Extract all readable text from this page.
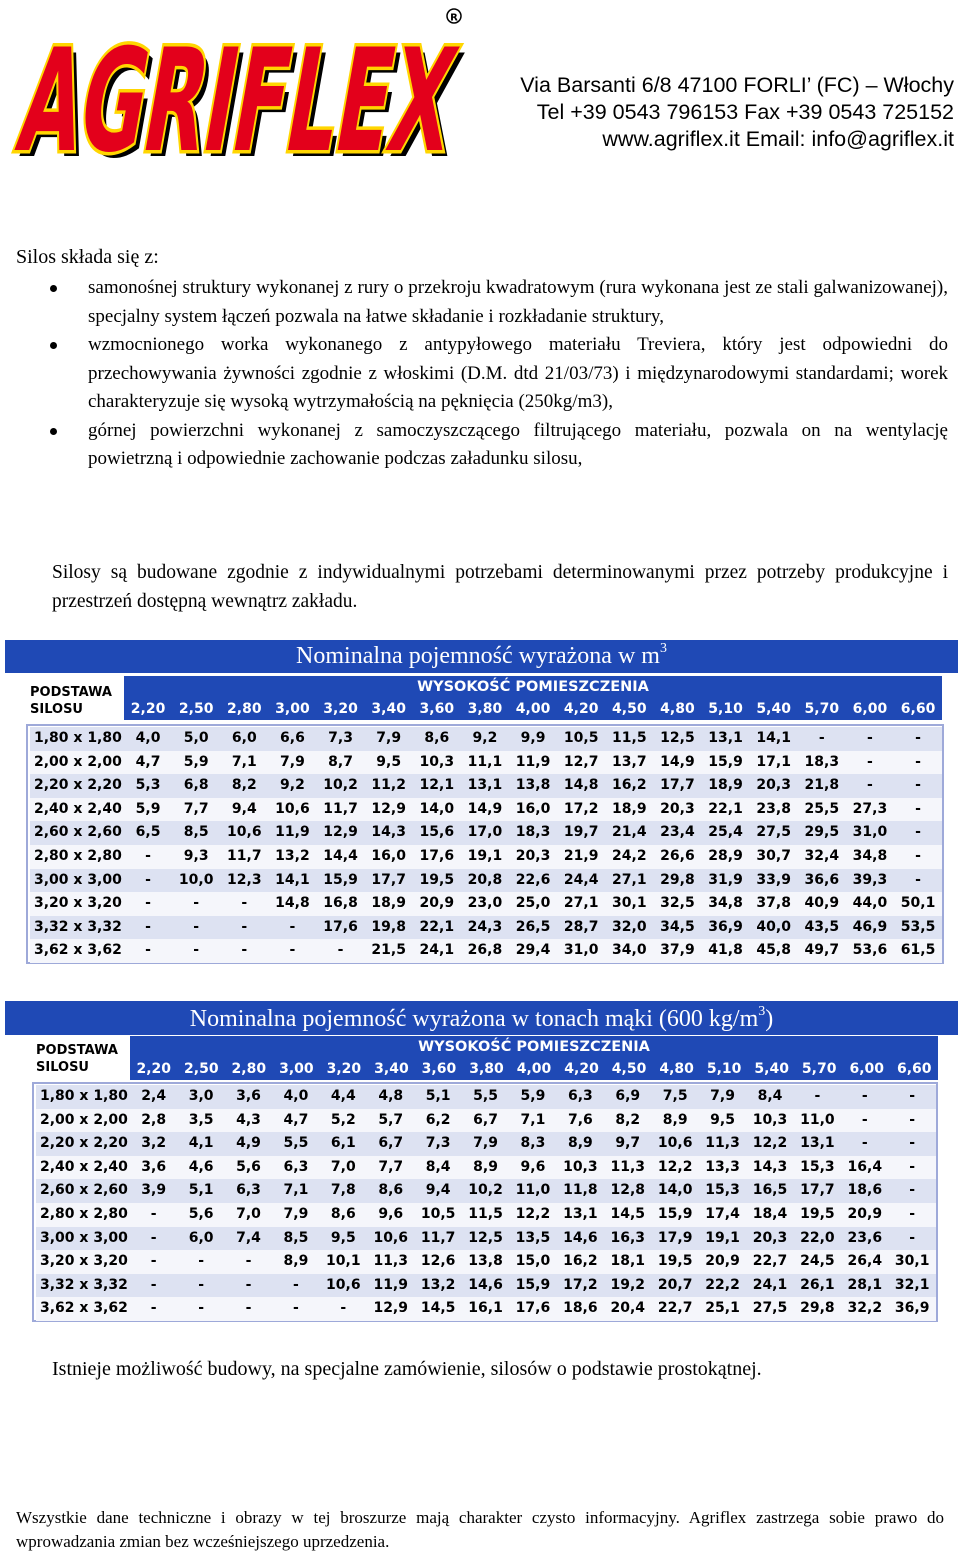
AGRIFLEX
AGRIFLEX
R
Via Barsanti 6/8 47100 FORLI’ (FC) – Włochy
Tel +39 0543 796153 Fax +39 0543 725152
www.agriflex.it Email: info@agriflex.it
Silos składa się z:
samonośnej struktury wykonanej z rury o przekroju kwadratowym (rura wykonana jest ze stali galwanizowanej), specjalny system łączeń pozwala na łatwe składanie i rozkładanie struktury,
wzmocnionego worka wykonanego z antypyłowego materiału Treviera, który jest odpowiedni do przechowywania żywności zgodnie z włoskimi (D.M. dtd 21/03/73) i międzynarodowymi standardami; worek charakteryzuje się wysoką wytrzymałością na pęknięcia (250kg/m3),
górnej powierzchni wykonanej z samoczyszczącego filtrującego materiału, pozwala on na wentylację powietrzną i odpowiednie zachowanie podczas załadunku silosu,
Silosy są budowane zgodnie z indywidualnymi potrzebami determinowanymi przez potrzeby produkcyjne i przestrzeń dostępną wewnątrz zakładu.
Nominalna pojemność wyrażona w $m^3$
PODSTAWA
SILOSU
WYSOKOŚĆ POMIESZCZENIA
2,20 2,50 2,80 3,00 3,20 3,40 3,60 3,80 4,00 4,20 4,50 4,80 5,10 5,40 5,70 6,00 6,60
1,80 x 1,80 4,0	5,0	6,0	6,6	7,3	7,9	8,6	9,2	9,9	10,5 11,5 12,5 13,1 14,1	-	-	-
2,00 x 2,00 4,7	5,9	7,1	7,9	8,7	9,5	10,3 11,1 11,9 12,7 13,7 14,9 15,9 17,1 18,3	-	-
2,20 x 2,20 5,3	6,8	8,2	9,2	10,2 11,2 12,1 13,1 13,8 14,8 16,2 17,7 18,9 20,3 21,8	-	-
2,40 x 2,40 5,9	7,7	9,4	10,6 11,7 12,9 14,0 14,9 16,0 17,2 18,9 20,3 22,1 23,8 25,5 27,3	-
2,60 x 2,60 6,5	8,5	10,6 11,9 12,9 14,3 15,6 17,0 18,3 19,7 21,4 23,4 25,4 27,5 29,5 31,0	-
2,80 x 2,80	-	9,3	11,7 13,2 14,4 16,0 17,6 19,1 20,3 21,9 24,2 26,6 28,9 30,7 32,4 34,8	-
3,00 x 3,00	-	10,0 12,3 14,1 15,9 17,7 19,5 20,8 22,6 24,4 27,1 29,8 31,9 33,9 36,6 39,3	-
3,20 x 3,20	-	-	-	14,8 16,8 18,9 20,9 23,0 25,0 27,1 30,1 32,5 34,8 37,8 40,9 44,0 50,1
3,32 x 3,32	-	-	-	-	17,6 19,8 22,1 24,3 26,5 28,7 32,0 34,5 36,9 40,0 43,5 46,9 53,5
3,62 x 3,62	-	-	-	-	-	21,5 24,1 26,8 29,4 31,0 34,0 37,9 41,8 45,8 49,7 53,6 61,5
Nominalna pojemność wyrażona w tonach mąki (600 $kg/m^3$)
PODSTAWA
SILOSU
WYSOKOŚĆ POMIESZCZENIA
2,20 2,50 2,80 3,00 3,20 3,40 3,60 3,80 4,00 4,20 4,50 4,80 5,10 5,40 5,70 6,00 6,60
1,80 x 1,80 2,4	3,0	3,6	4,0	4,4	4,8	5,1	5,5	5,9	6,3	6,9	7,5	7,9	8,4	-	-	-
2,00 x 2,00 2,8	3,5	4,3	4,7	5,2	5,7	6,2	6,7	7,1	7,6	8,2	8,9	9,5	10,3 11,0	-	-
2,20 x 2,20 3,2	4,1	4,9	5,5	6,1	6,7	7,3	7,9	8,3	8,9	9,7	10,6 11,3 12,2 13,1	-	-
2,40 x 2,40 3,6	4,6	5,6	6,3	7,0	7,7	8,4	8,9	9,6	10,3 11,3 12,2 13,3 14,3 15,3 16,4	-
2,60 x 2,60 3,9	5,1	6,3	7,1	7,8	8,6	9,4	10,2 11,0 11,8 12,8 14,0 15,3 16,5 17,7 18,6	-
2,80 x 2,80	-	5,6	7,0	7,9	8,6	9,6	10,5 11,5 12,2 13,1 14,5 15,9 17,4 18,4 19,5 20,9	-
3,00 x 3,00	-	6,0	7,4	8,5	9,5	10,6 11,7 12,5 13,5 14,6 16,3 17,9 19,1 20,3 22,0 23,6	-
3,20 x 3,20	-	-	-	8,9	10,1 11,3 12,6 13,8 15,0 16,2 18,1 19,5 20,9 22,7 24,5 26,4 30,1
3,32 x 3,32	-	-	-	-	10,6 11,9 13,2 14,6 15,9 17,2 19,2 20,7 22,2 24,1 26,1 28,1 32,1
3,62 x 3,62	-	-	-	-	-	12,9 14,5 16,1 17,6 18,6 20,4 22,7 25,1 27,5 29,8 32,2 36,9
Istnieje możliwość budowy, na specjalne zamówienie, silosów o podstawie prostokątnej.
Wszystkie dane techniczne i obrazy w tej broszurze mają charakter czysto informacyjny. Agriflex zastrzega sobie prawo do wprowadzania zmian bez wcześniejszego uprzedzenia.
